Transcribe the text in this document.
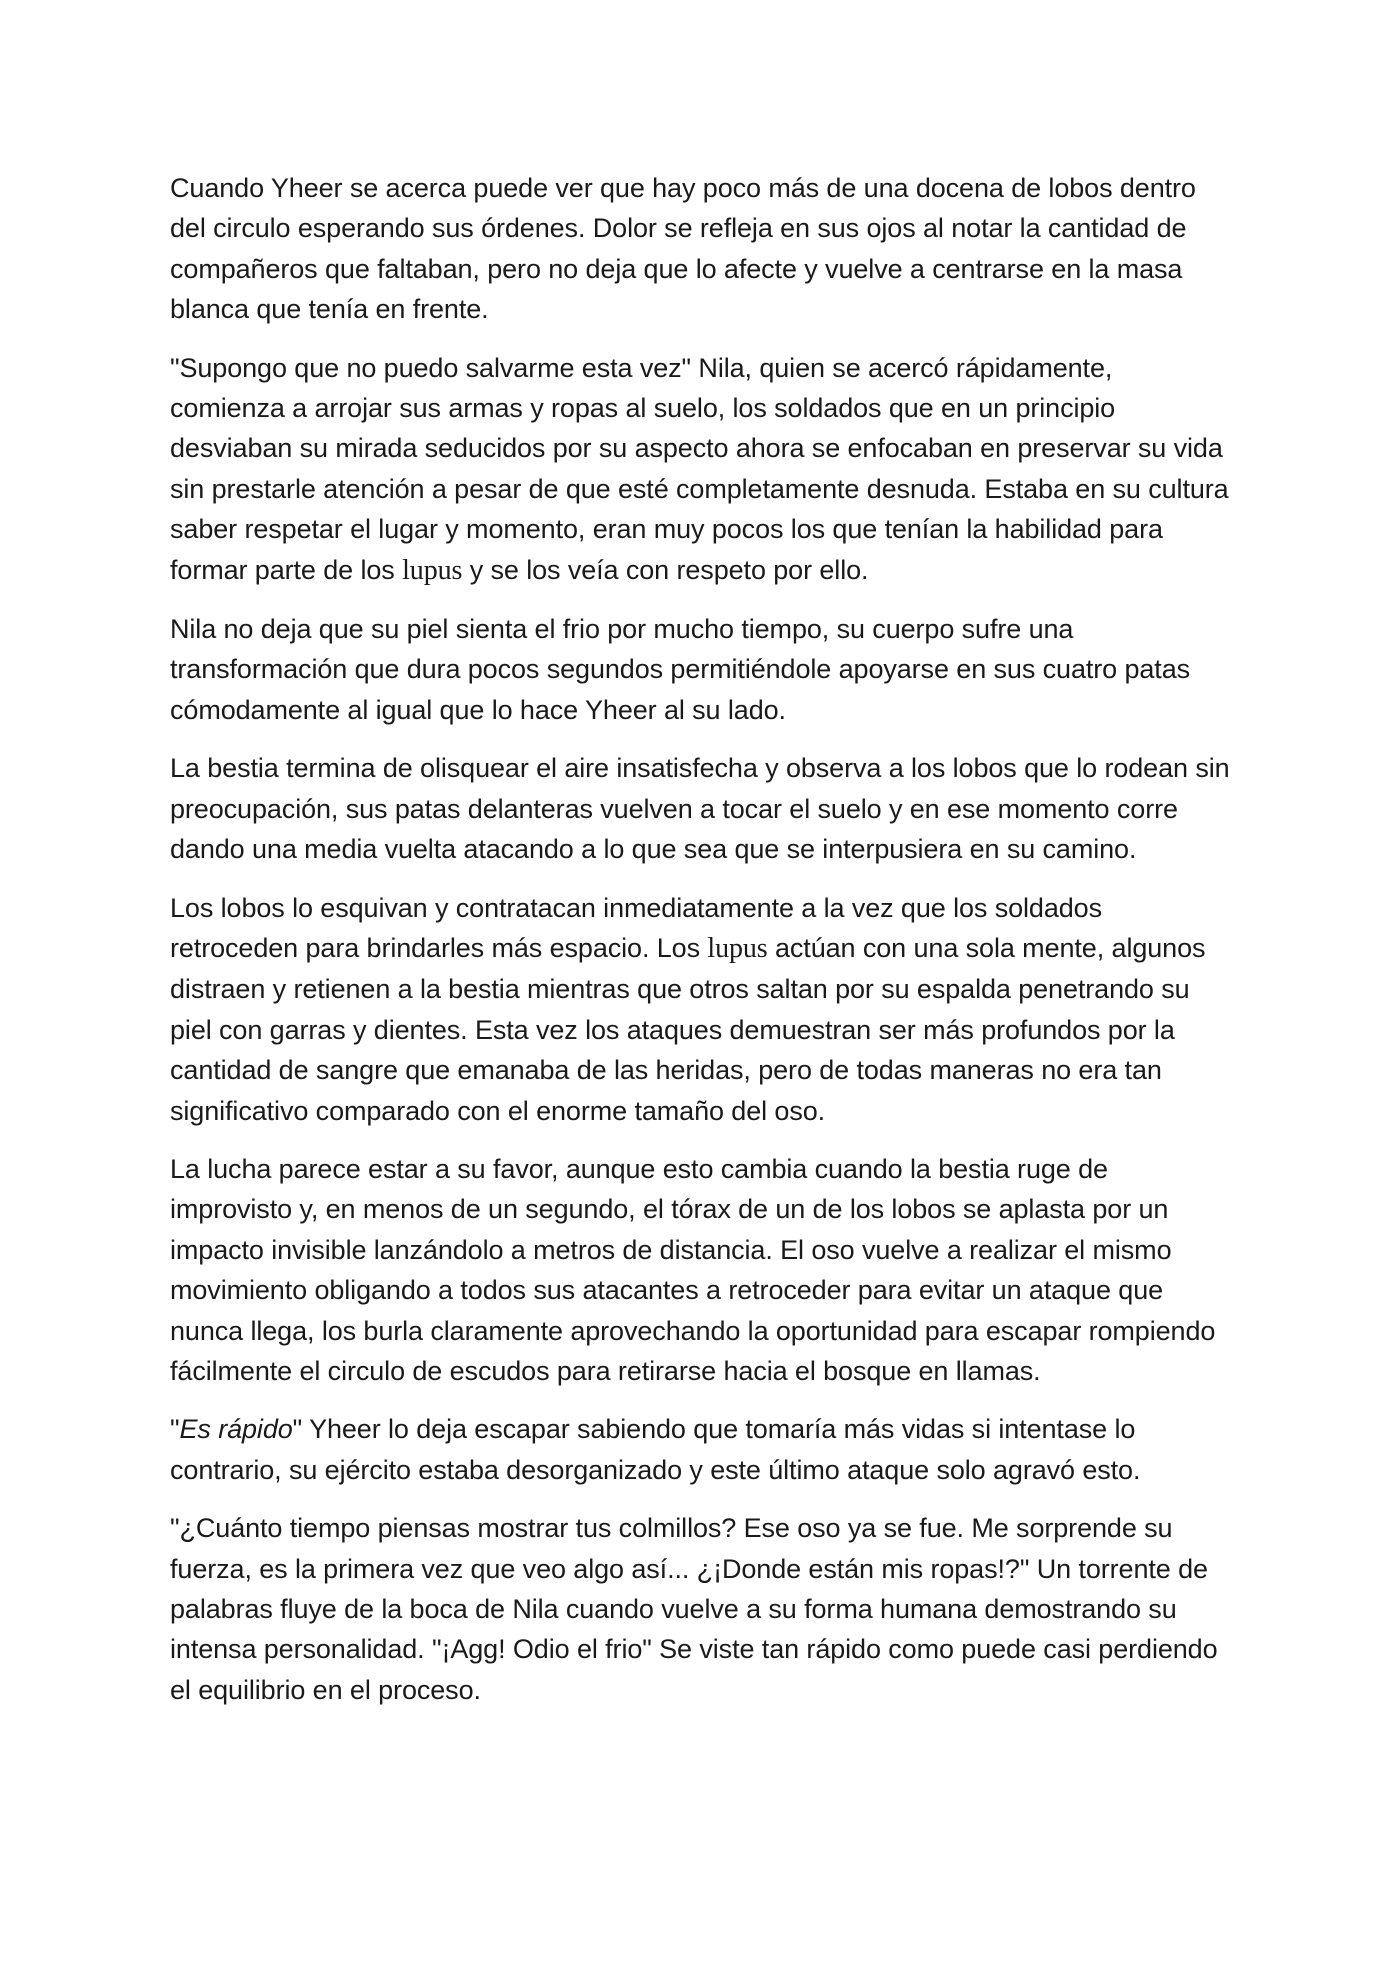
Cuando Yheer se acerca puede ver que hay poco más de una docena de lobos dentro del circulo esperando sus órdenes. Dolor se refleja en sus ojos al notar la cantidad de compañeros que faltaban, pero no deja que lo afecte y vuelve a centrarse en la masa blanca que tenía en frente.

"Supongo que no puedo salvarme esta vez" Nila, quien se acercó rápidamente, comienza a arrojar sus armas y ropas al suelo, los soldados que en un principio desviaban su mirada seducidos por su aspecto ahora se enfocaban en preservar su vida sin prestarle atención a pesar de que esté completamente desnuda. Estaba en su cultura saber respetar el lugar y momento, eran muy pocos los que tenían la habilidad para formar parte de los lupus y se los veía con respeto por ello.

Nila no deja que su piel sienta el frio por mucho tiempo, su cuerpo sufre una transformación que dura pocos segundos permitiéndole apoyarse en sus cuatro patas cómodamente al igual que lo hace Yheer al su lado.

La bestia termina de olisquear el aire insatisfecha y observa a los lobos que lo rodean sin preocupación, sus patas delanteras vuelven a tocar el suelo y en ese momento corre dando una media vuelta atacando a lo que sea que se interpusiera en su camino.

Los lobos lo esquivan y contratacan inmediatamente a la vez que los soldados retroceden para brindarles más espacio. Los lupus actúan con una sola mente, algunos distraen y retienen a la bestia mientras que otros saltan por su espalda penetrando su piel con garras y dientes. Esta vez los ataques demuestran ser más profundos por la cantidad de sangre que emanaba de las heridas, pero de todas maneras no era tan significativo comparado con el enorme tamaño del oso.

La lucha parece estar a su favor, aunque esto cambia cuando la bestia ruge de improvisto y, en menos de un segundo, el tórax de un de los lobos se aplasta por un impacto invisible lanzándolo a metros de distancia. El oso vuelve a realizar el mismo movimiento obligando a todos sus atacantes a retroceder para evitar un ataque que nunca llega, los burla claramente aprovechando la oportunidad para escapar rompiendo fácilmente el circulo de escudos para retirarse hacia el bosque en llamas.

"Es rápido" Yheer lo deja escapar sabiendo que tomaría más vidas si intentase lo contrario, su ejército estaba desorganizado y este último ataque solo agravó esto.

"¿Cuánto tiempo piensas mostrar tus colmillos? Ese oso ya se fue. Me sorprende su fuerza, es la primera vez que veo algo así... ¿¡Donde están mis ropas!?" Un torrente de palabras fluye de la boca de Nila cuando vuelve a su forma humana demostrando su intensa personalidad. "¡Agg! Odio el frio" Se viste tan rápido como puede casi perdiendo el equilibrio en el proceso.
